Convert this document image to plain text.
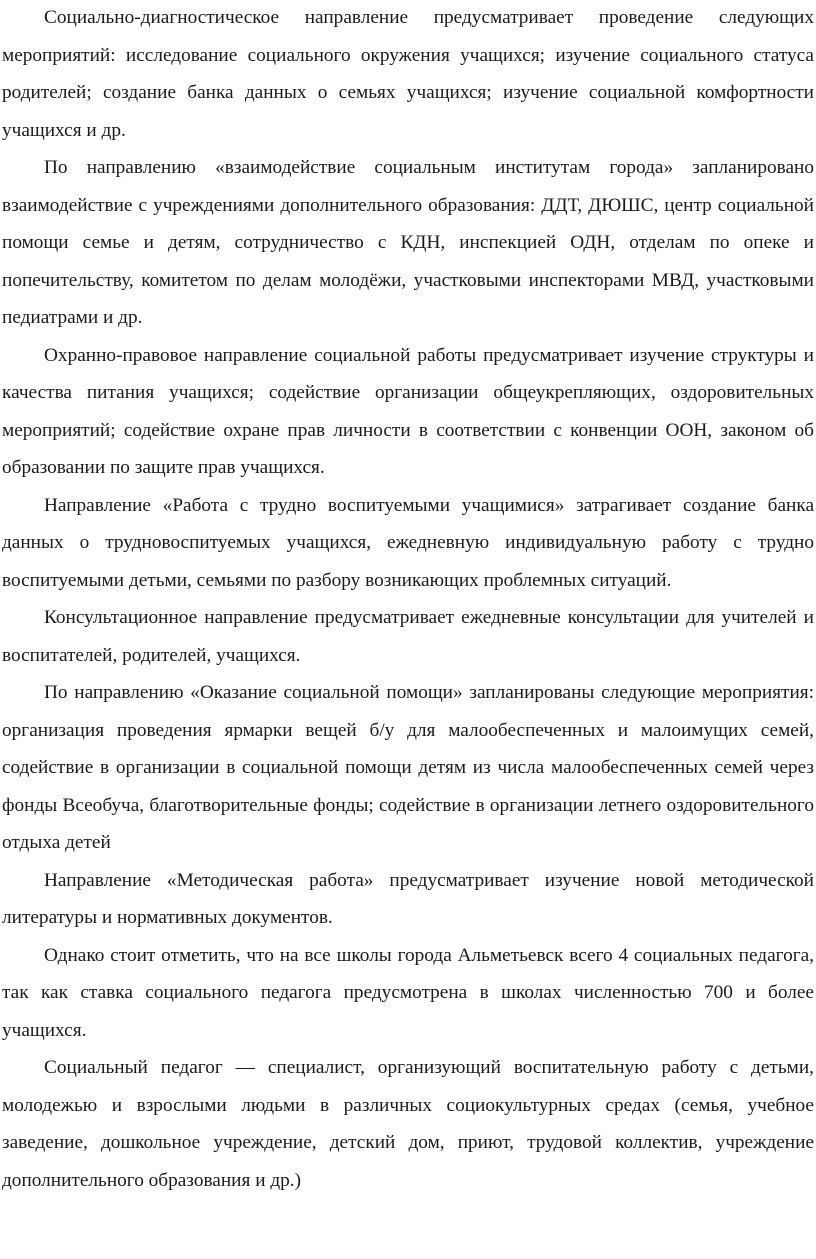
Социально-диагностическое направление предусматривает проведение следующих мероприятий: исследование социального окружения учащихся; изучение социального статуса родителей; создание банка данных о семьях учащихся; изучение социальной комфортности учащихся и др.

По направлению «взаимодействие социальным институтам города» запланировано взаимодействие с учреждениями дополнительного образования: ДДТ, ДЮШС, центр социальной помощи семье и детям, сотрудничество с КДН, инспекцией ОДН, отделам по опеке и попечительству, комитетом по делам молодёжи, участковыми инспекторами МВД, участковыми педиатрами и др.

Охранно-правовое направление социальной работы предусматривает изучение структуры и качества питания учащихся; содействие организации общеукрепляющих, оздоровительных мероприятий; содействие охране прав личности в соответствии с конвенции ООН, законом об образовании по защите прав учащихся.

Направление «Работа с трудно воспитуемыми учащимися» затрагивает создание банка данных о трудновоспитуемых учащихся, ежедневную индивидуальную работу с трудно воспитуемыми детьми, семьями по разбору возникающих проблемных ситуаций.

Консультационное направление предусматривает ежедневные консультации для учителей и воспитателей, родителей, учащихся.

По направлению «Оказание социальной помощи» запланированы следующие мероприятия: организация проведения ярмарки вещей б/у для малообеспеченных и малоимущих семей, содействие в организации в социальной помощи детям из числа малообеспеченных семей через фонды Всеобуча, благотворительные фонды; содействие в организации летнего оздоровительного отдыха детей

Направление «Методическая работа» предусматривает изучение новой методической литературы и нормативных документов.

Однако стоит отметить, что на все школы города Альметьевск всего 4 социальных педагога, так как ставка социального педагога предусмотрена в школах численностью 700 и более учащихся.

Социальный педагог — специалист, организующий воспитательную работу с детьми, молодежью и взрослыми людьми в различных социокультурных средах (семья, учебное заведение, дошкольное учреждение, детский дом, приют, трудовой коллектив, учреждение дополнительного образования и др.)
